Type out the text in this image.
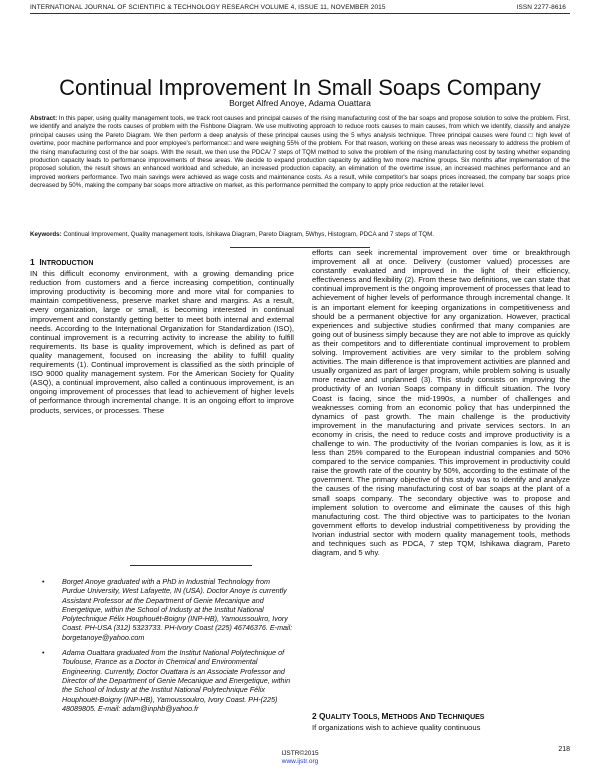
INTERNATIONAL JOURNAL OF SCIENTIFIC & TECHNOLOGY RESEARCH VOLUME 4, ISSUE 11, NOVEMBER 2015	ISSN 2277-8616
Continual Improvement In Small Soaps Company
Borget Alfred Anoye, Adama Ouattara
Abstract: In this paper, using quality management tools, we track root causes and principal causes of the rising manufacturing cost of the bar soaps and propose solution to solve the problem. First, we identify and analyze the roots causes of problem with the Fishbone Diagram. We use multivoting approach to reduce roots causes to main causes, from which we identify, classify and analyze principal causes using the Pareto Diagram. We then perform a deep analysis of these principal causes using the 5 whys analysis technique. Three principal causes were found □ high level of overtime, poor machine performance and poor employee's performance□ and were weighing 55% of the problem. For that reason, working on these areas was necessary to address the problem of the rising manufacturing cost of the bar soaps. With the result, we then use the PDCA/ 7 steps of TQM method to solve the problem of the rising manufacturing cost by testing whether expanding production capacity leads to performance improvements of these areas. We decide to expand production capacity by adding two more machine groups. Six months after implementation of the proposed solution, the result shows an enhanced workload and schedule, an increased production capacity, an elimination of the overtime issue, an increased machines performance and an improved workers performance. Two main savings were achieved as wage costs and maintenance costs. As a result, while competitor's bar soaps prices increased, the company bar soaps price decreased by 50%, making the company bar soaps more attractive on market, as this performance permitted the company to apply price reduction at the retailer level.
Keywords: Continual Improvement, Quality management tools, Ishikawa Diagram, Pareto Diagram, 5Whys, Histogram, PDCA and 7 steps of TQM.
1 INTRODUCTION

IN this difficult economy environment, with a growing demanding price reduction from customers and a fierce increasing competition, continually improving productivity is becoming more and more vital for companies to maintain competitiveness, preserve market share and margins. As a result, every organization, large or small, is becoming interested in continual improvement and constantly getting better to meet both internal and external needs. According to the International Organization for Standardization (ISO), continual improvement is a recurring activity to increase the ability to fulfill requirements. Its base is quality improvement, which is defined as part of quality management, focused on increasing the ability to fulfill quality requirements (1). Continual improvement is classified as the sixth principle of ISO 9000 quality management system. For the American Society for Quality (ASQ), a continual improvement, also called a continuous improvement, is an ongoing improvement of processes that lead to achievement of higher levels of performance through incremental change. It is an ongoing effort to improve products, services, or processes. These

• Borget Anoye graduated with a PhD in Industrial Technology from Purdue University, West Lafayette, IN (USA). Doctor Anoye is currently Assistant Professor at the Department of Genie Mecanique and Energetique, within the School of Industy at the Institut National Polytechnique Félix Houphouët-Boigny (INP-HB), Yamoussoukro, Ivory Coast. PH-USA (312) 5323733. PH-Ivory Coast (225) 46746376. E-mail: borgetanoye@yahoo.com
• Adama Ouattara graduated from the Institut National Polytechnique of Toulouse, France as a Doctor in Chemical and Environmental Engineering. Currently, Doctor Ouattara is an Associate Professor and Director of the Department of Genie Mecanique and Energetique, within the School of Industy at the Institut National Polytechnique Félix Houphouët-Boigny (INP-HB), Yamoussoukro, Ivory Coast. PH-(225) 48089805. E-mail: adam@inphb@yahoo.fr

efforts can seek incremental improvement over time or breakthrough improvement all at once. Delivery (customer valued) processes are constantly evaluated and improved in the light of their efficiency, effectiveness and flexibility (2). From these two definitions, we can state that continual improvement is the ongoing improvement of processes that lead to achievement of higher levels of performance through incremental change. It is an important element for keeping organizations in competitiveness and should be a permanent objective for any organization. However, practical experiences and subjective studies confirmed that many companies are going out of business simply because they are not able to improve as quickly as their competitors and to differentiate continual improvement to problem solving. Improvement activities are very similar to the problem solving activities. The main difference is that improvement activities are planned and usually organized as part of larger program, while problem solving is usually more reactive and unplanned (3). This study consists on improving the productivity of an Ivorian Soaps company in difficult situation. The Ivory Coast is facing, since the mid-1990s, a number of challenges and weaknesses coming from an economic policy that has underpinned the dynamics of past growth. The main challenge is the productivity improvement in the manufacturing and private services sectors. In an economy in crisis, the need to reduce costs and improve productivity is a challenge to win. The productivity of the Ivorian companies is low, as it is less than 25% compared to the European industrial companies and 50% compared to the service companies. This improvement in productivity could raise the growth rate of the country by 50%, according to the estimate of the government. The primary objective of this study was to identify and analyze the causes of the rising manufacturing cost of bar soaps at the plant of a small soaps company. The secondary objective was to propose and implement solution to overcome and eliminate the causes of this high manufacturing cost. The third objective was to participates to the Ivorian government efforts to develop industrial competitiveness by providing the Ivorian industrial sector with modern quality management tools, methods and techniques such as PDCA, 7 step TQM, Ishikawa diagram, Pareto diagram, and 5 why.

2 QUALITY TOOLS, METHODS AND TECHNIQUES

If organizations wish to achieve quality continuous

IJSTR©2015
www.ijstr.org
218
